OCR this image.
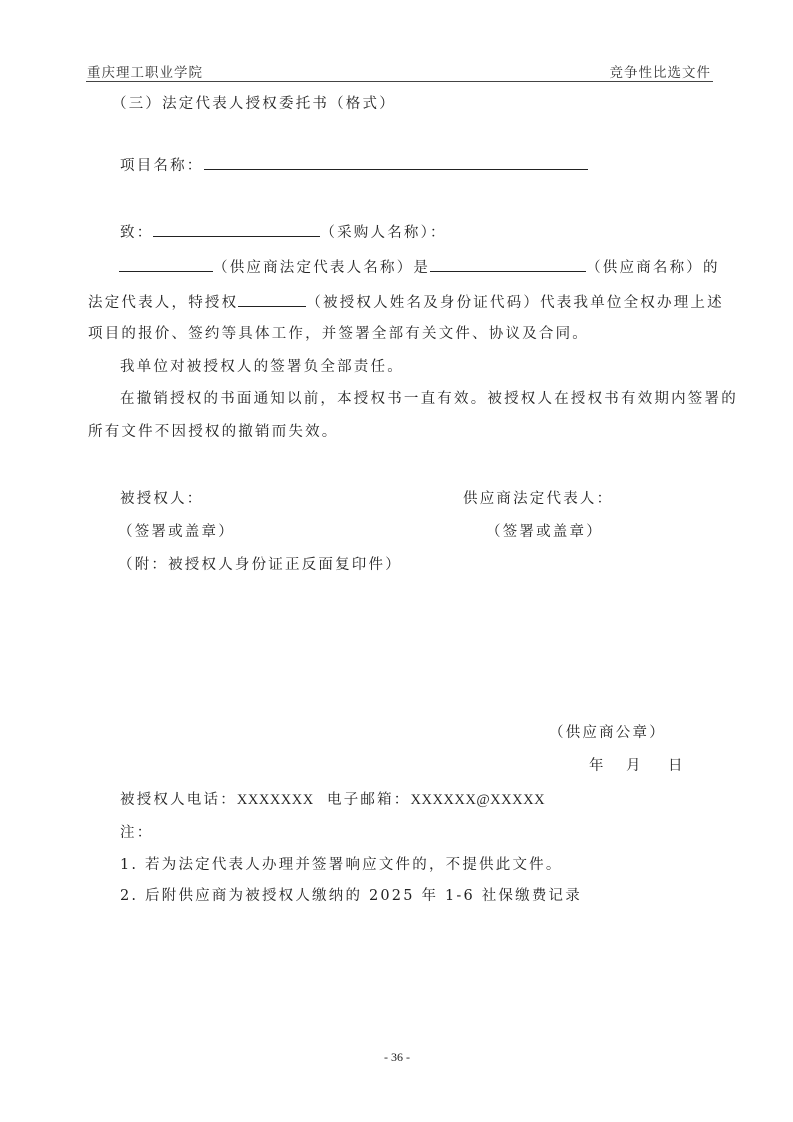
重庆理工职业学院	竞争性比选文件
（三）法定代表人授权委托书（格式）
项目名称：
致：	（采购人名称）：
（供应商法定代表人名称）是	（供应商名称）的
法定代表人，特授权	（被授权人姓名及身份证代码）代表我单位全权办理上述
项目的报价、签约等具体工作，并签署全部有关文件、协议及合同。
我单位对被授权人的签署负全部责任。
在撤销授权的书面通知以前，本授权书一直有效。被授权人在授权书有效期内签署的
所有文件不因授权的撤销而失效。
被授权人：	供应商法定代表人：
（签署或盖章）	（签署或盖章）
（附：被授权人身份证正反面复印件）
（供应商公章）
年 月 日
被授权人电话：XXXXXXX 电子邮箱：XXXXXX@XXXXX
注：
1. 若为法定代表人办理并签署响应文件的，不提供此文件。
2. 后附供应商为被授权人缴纳的 2025 年 1-6 社保缴费记录
- 36 -
